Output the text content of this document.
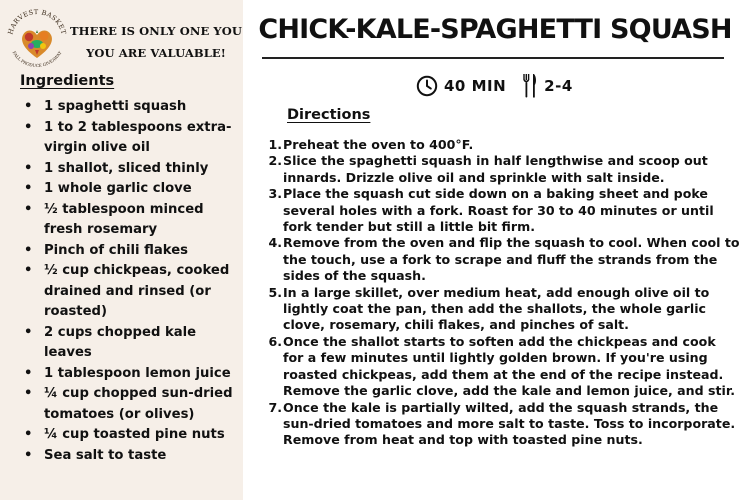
HARVEST BASKET
FALL PRODUCE GIVEAWAY
THERE IS ONLY ONE YOU
YOU ARE VALUABLE!
Ingredients
• 1 spaghetti squash
• 1 to 2 tablespoons extra-virgin olive oil
• 1 shallot, sliced thinly
• 1 whole garlic clove
• ½ tablespoon minced fresh rosemary
• Pinch of chili flakes
• ½ cup chickpeas, cooked drained and rinsed (or roasted)
• 2 cups chopped kale leaves
• 1 tablespoon lemon juice
• ¼ cup chopped sun-dried tomatoes (or olives)
• ¼ cup toasted pine nuts
• Sea salt to taste
CHICK-KALE-SPAGHETTI SQUASH
40 MIN	2-4
Directions
1. Preheat the oven to 400°F.
2. Slice the spaghetti squash in half lengthwise and scoop out innards. Drizzle olive oil and sprinkle with salt inside.
3. Place the squash cut side down on a baking sheet and poke several holes with a fork. Roast for 30 to 40 minutes or until fork tender but still a little bit firm.
4. Remove from the oven and flip the squash to cool. When cool to the touch, use a fork to scrape and fluff the strands from the sides of the squash.
5. In a large skillet, over medium heat, add enough olive oil to lightly coat the pan, then add the shallots, the whole garlic clove, rosemary, chili flakes, and pinches of salt.
6. Once the shallot starts to soften add the chickpeas and cook for a few minutes until lightly golden brown. If you're using roasted chickpeas, add them at the end of the recipe instead. Remove the garlic clove, add the kale and lemon juice, and stir.
7. Once the kale is partially wilted, add the squash strands, the sun-dried tomatoes and more salt to taste. Toss to incorporate. Remove from heat and top with toasted pine nuts.
